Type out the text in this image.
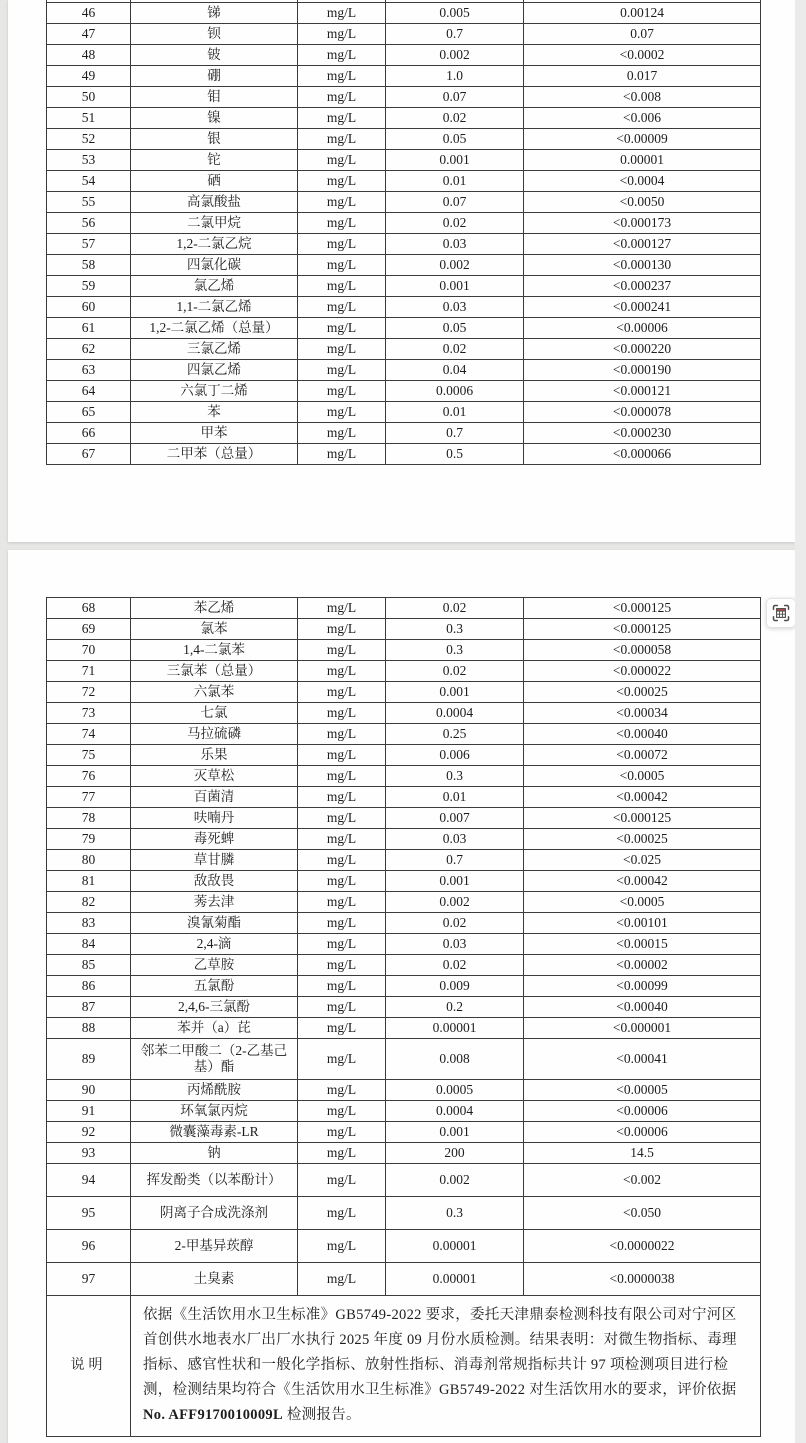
46	锑	mg/L	0.005	0.00124
47	钡	mg/L	0.7	0.07
48	铍	mg/L	0.002	<0.0002
49	硼	mg/L	1.0	0.017
50	钼	mg/L	0.07	<0.008
51	镍	mg/L	0.02	<0.006
52	银	mg/L	0.05	<0.00009
53	铊	mg/L	0.001	0.00001
54	硒	mg/L	0.01	<0.0004
55	高氯酸盐	mg/L	0.07	<0.0050
56	二氯甲烷	mg/L	0.02	<0.000173
57	1,2-二氯乙烷	mg/L	0.03	<0.000127
58	四氯化碳	mg/L	0.002	<0.000130
59	氯乙烯	mg/L	0.001	<0.000237
60	1,1-二氯乙烯	mg/L	0.03	<0.000241
61	1,2-二氯乙烯（总量）	mg/L	0.05	<0.00006
62	三氯乙烯	mg/L	0.02	<0.000220
63	四氯乙烯	mg/L	0.04	<0.000190
64	六氯丁二烯	mg/L	0.0006	<0.000121
65	苯	mg/L	0.01	<0.000078
66	甲苯	mg/L	0.7	<0.000230
67	二甲苯（总量）	mg/L	0.5	<0.000066
68	苯乙烯	mg/L	0.02	<0.000125
69	氯苯	mg/L	0.3	<0.000125
70	1,4-二氯苯	mg/L	0.3	<0.000058
71	三氯苯（总量）	mg/L	0.02	<0.000022
72	六氯苯	mg/L	0.001	<0.00025
73	七氯	mg/L	0.0004	<0.00034
74	马拉硫磷	mg/L	0.25	<0.00040
75	乐果	mg/L	0.006	<0.00072
76	灭草松	mg/L	0.3	<0.0005
77	百菌清	mg/L	0.01	<0.00042
78	呋喃丹	mg/L	0.007	<0.000125
79	毒死蜱	mg/L	0.03	<0.00025
80	草甘膦	mg/L	0.7	<0.025
81	敌敌畏	mg/L	0.001	<0.00042
82	莠去津	mg/L	0.002	<0.0005
83	溴氰菊酯	mg/L	0.02	<0.00101
84	2,4-滴	mg/L	0.03	<0.00015
85	乙草胺	mg/L	0.02	<0.00002
86	五氯酚	mg/L	0.009	<0.00099
87	2,4,6-三氯酚	mg/L	0.2	<0.00040
88	苯并（a）芘	mg/L	0.00001	<0.000001
89	邻苯二甲酸二（2-乙基己基）酯	mg/L	0.008	<0.00041
90	丙烯酰胺	mg/L	0.0005	<0.00005
91	环氧氯丙烷	mg/L	0.0004	<0.00006
92	微囊藻毒素-LR	mg/L	0.001	<0.00006
93	钠	mg/L	200	14.5
94	挥发酚类（以苯酚计）	mg/L	0.002	<0.002
95	阴离子合成洗涤剂	mg/L	0.3	<0.050
96	2-甲基异莰醇	mg/L	0.00001	<0.0000022
97	土臭素	mg/L	0.00001	<0.0000038
说明	依据《生活饮用水卫生标准》GB5749-2022 要求，委托天津鼎泰检测科技有限公司对宁河区首创供水地表水厂出厂水执行 2025 年度 09 月份水质检测。结果表明：对微生物指标、毒理指标、感官性状和一般化学指标、放射性指标、消毒剂常规指标共计 97 项检测项目进行检测，检测结果均符合《生活饮用水卫生标准》GB5749-2022 对生活饮用水的要求，评价依据 No. AFF9170010009L 检测报告。			
